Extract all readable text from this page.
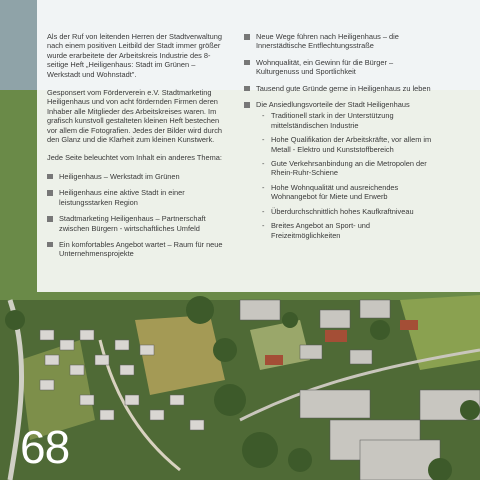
Als der Ruf von leitenden Herren der Stadtverwaltung nach einem positiven Leitbild der Stadt immer größer wurde erarbeitete der Arbeitskreis Industrie des 8-seitige Heft „Heiligenhaus: Stadt im Grünen – Werkstadt und Wohnstadt".

Gesponsert vom Förderverein e.V. Stadtmarketing Heiligenhaus und von acht fördernden Firmen deren Inhaber alle Mitglieder des Arbeitskreises waren. Im grafisch kunstvoll gestalteten kleinen Heft bestechen vor allem die Fotografien. Jedes der Bilder wird durch den Glanz und die Klarheit zum kleinen Kunstwerk.

Jede Seite beleuchtet vom Inhalt ein anderes Thema:

Heiligenhaus – Werkstadt im Grünen
Heiligenhaus eine aktive Stadt in einer leistungsstarken Region
Stadtmarketing Heiligenhaus – Partnerschaft zwischen Bürgern - wirtschaftliches Umfeld
Ein komfortables Angebot wartet – Raum für neue Unternehmensprojekte
Neue Wege führen nach Heiligenhaus – die Innerstädtische Entflechtungsstraße
Wohnqualität, ein Gewinn für die Bürger – Kulturgenuss und Sportlichkeit
Tausend gute Gründe gerne in Heiligenhaus zu leben
Die Ansiedlungsvorteile der Stadt Heiligenhaus
- Traditionell stark in der Unterstützung mittelständischen Industrie
- Hohe Qualifikation der Arbeitskräfte, vor allem im Metall - Elektro und Kunststoffbereich
- Gute Verkehrsanbindung an die Metropolen der Rhein-Ruhr-Schiene
- Hohe Wohnqualität und ausreichendes Wohnangebot für Miete und Erwerb
- Überdurchschnittlich hohes Kaufkraftniveau
- Breites Angebot an Sport- und Freizeitmöglichkeiten
68
